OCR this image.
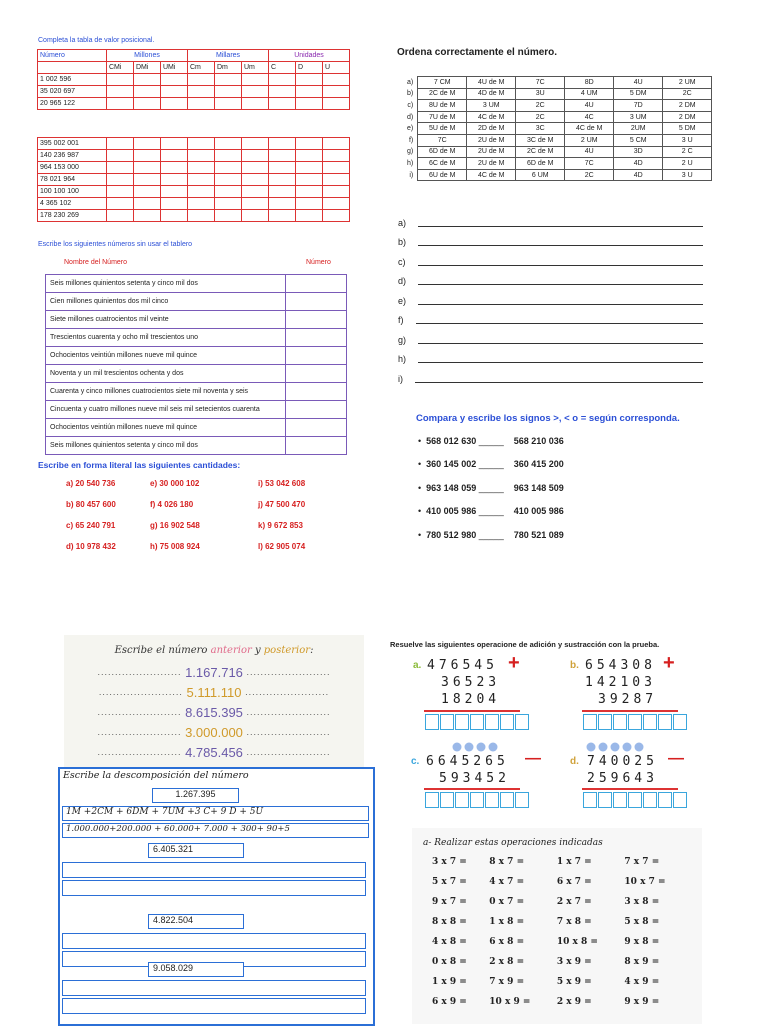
Completa la tabla de valor posicional.
Número	Millones			Millares			Unidades		
	CMi	DMi	UMi	Cm	Dm	Um	C	D	U
1 002 596									
35 020 697									
20 965 122									
395 002 001									
140 236 987									
964 153 000									
78 021 964									
100 100 100									
4 365 102									
178 230 269									
Escribe los siguientes números sin usar el tablero
Nombre del Número	Número
Seis millones quinientos setenta y cinco mil dos	
Cien millones quinientos dos mil cinco	
Siete millones cuatrocientos mil veinte	
Trescientos cuarenta y ocho mil trescientos uno	
Ochocientos veintiún millones nueve mil quince	
Noventa y un mil trescientos ochenta y dos	
Cuarenta y cinco millones cuatrocientos siete mil noventa y seis	
Cincuenta y cuatro millones nueve mil seis mil setecientos cuarenta	
Ochocientos veintiún millones nueve mil quince	
Seis millones quinientos setenta y cinco mil dos	
Escribe en forma literal las siguientes cantidades:
a) 20 540 736	e) 30 000 102	i) 53 042 608
b) 80 457 600	f) 4 026 180	j) 47 500 470
c) 65 240 791	g) 16 902 548	k) 9 672 853
d) 10 978 432	h) 75 008 924	l) 62 905 074
Ordena correctamente el número.
a)	7 CM	4U de M	7C	8D	4U	2 UM
b)	2C de M	4D de M	3U	4 UM	5 DM	2C
c)	8U de M	3 UM	2C	4U	7D	2 DM
d)	7U de M	4C de M	2C	4C	3 UM	2 DM
e)	5U de M	2D de M	3C	4C de M	2UM	5 DM
f)	7C	2U de M	3C de M	2 UM	5 CM	3 U
g)	6D de M	2U de M	2C de M	4U	3D	2 C
h)	6C de M	2U de M	6D de M	7C	4D	2 U
i)	6U de M	4C de M	6 UM	2C	4D	3 U
a)
b)
c)
d)
e)
f)
g)
h)
i)
Compara y escribe los signos >, < o = según corresponda.
• 568 012 630 _____ 568 210 036
• 360 145 002 _____ 360 415 200
• 963 148 059 _____ 963 148 509
• 410 005 986 _____ 410 005 986
• 780 512 980 _____ 780 521 089
Escribe el número anterior y posterior:
........................
1.167.716
........................
........................
5.111.110
........................
........................
8.615.395
........................
........................
3.000.000
........................
........................
4.785.456
........................
Escribe la descomposición del número
1.267.395
1M +2CM + 6DM + 7UM +3 C+ 9 D + 5U
1.000.000+200.000 + 60.000+ 7.000 + 300+ 90+5
6.405.321
4.822.504
9.058.029
Resuelve las siguientes operacione de adición y sustracción con la prueba.
a. 476545 +
36523
18204
b. 654308 +
142103
39287
c. 6645265 —
593452
d. 740025 —
259643
a- Realizar estas operaciones indicadas
3 x 7 =	8 x 7 =	1 x 7 =	7 x 7 =
5 x 7 =	4 x 7 =	6 x 7 =	10 x 7 =
9 x 7 =	0 x 7 =	2 x 7 =	3 x 8 =
8 x 8 =	1 x 8 =	7 x 8 =	5 x 8 =
4 x 8 =	6 x 8 =	10 x 8 =	9 x 8 =
0 x 8 =	2 x 8 =	3 x 9 =	8 x 9 =
1 x 9 =	7 x 9 =	5 x 9 =	4 x 9 =
6 x 9 =	10 x 9 =	2 x 9 =	9 x 9 =
